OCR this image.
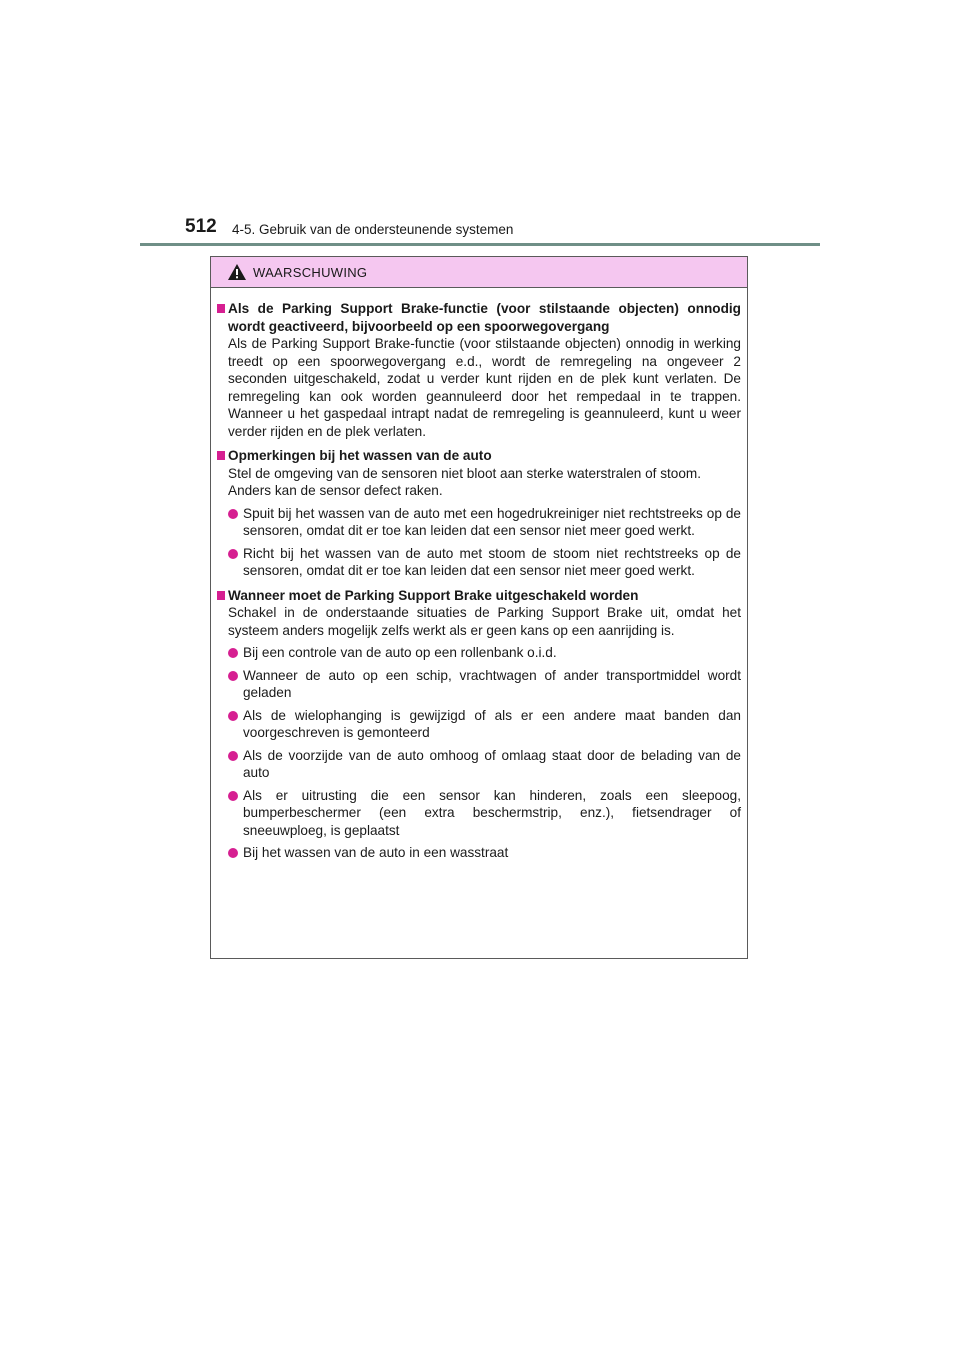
512 4-5. Gebruik van de ondersteunende systemen
WAARSCHUWING
Als de Parking Support Brake-functie (voor stilstaande objecten) onnodig wordt geactiveerd, bijvoorbeeld op een spoorwegovergang
Als de Parking Support Brake-functie (voor stilstaande objecten) onnodig in werking treedt op een spoorwegovergang e.d., wordt de remregeling na ongeveer 2 seconden uitgeschakeld, zodat u verder kunt rijden en de plek kunt verlaten. De remregeling kan ook worden geannuleerd door het rempedaal in te trappen. Wanneer u het gaspedaal intrapt nadat de remregeling is geannuleerd, kunt u weer verder rijden en de plek verlaten.
Opmerkingen bij het wassen van de auto
Stel de omgeving van de sensoren niet bloot aan sterke waterstralen of stoom.
Anders kan de sensor defect raken.
Spuit bij het wassen van de auto met een hogedrukreiniger niet rechtstreeks op de sensoren, omdat dit er toe kan leiden dat een sensor niet meer goed werkt.
Richt bij het wassen van de auto met stoom de stoom niet rechtstreeks op de sensoren, omdat dit er toe kan leiden dat een sensor niet meer goed werkt.
Wanneer moet de Parking Support Brake uitgeschakeld worden
Schakel in de onderstaande situaties de Parking Support Brake uit, omdat het systeem anders mogelijk zelfs werkt als er geen kans op een aanrijding is.
Bij een controle van de auto op een rollenbank o.i.d.
Wanneer de auto op een schip, vrachtwagen of ander transportmiddel wordt geladen
Als de wielophanging is gewijzigd of als er een andere maat banden dan voorgeschreven is gemonteerd
Als de voorzijde van de auto omhoog of omlaag staat door de belading van de auto
Als er uitrusting die een sensor kan hinderen, zoals een sleepoog, bumperbeschermer (een extra beschermstrip, enz.), fietsendrager of sneeuwploeg, is geplaatst
Bij het wassen van de auto in een wasstraat
